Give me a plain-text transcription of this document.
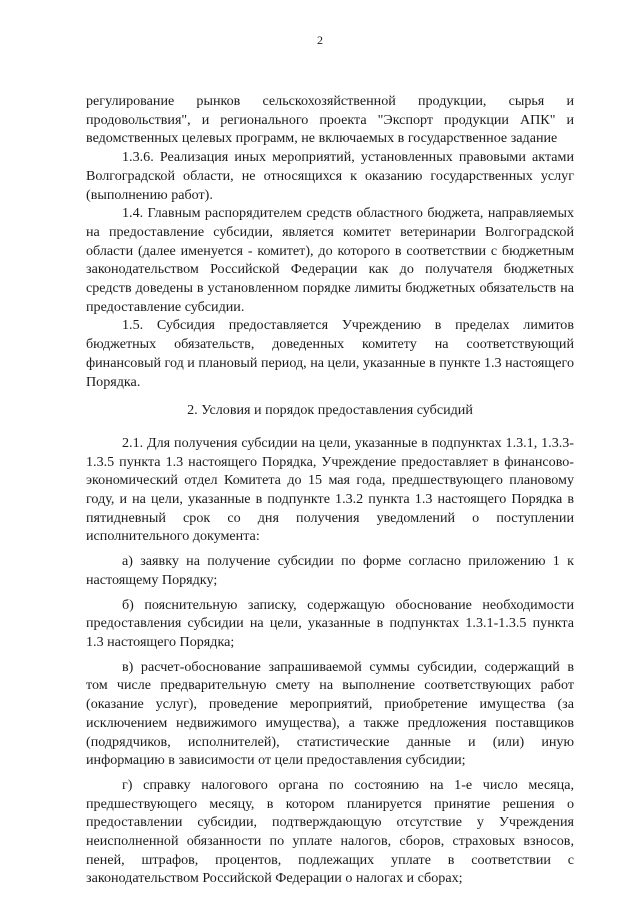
2

регулирование рынков сельскохозяйственной продукции, сырья и продовольствия", и регионального проекта "Экспорт продукции АПК" и ведомственных целевых программ, не включаемых в государственное задание

1.3.6. Реализация иных мероприятий, установленных правовыми актами Волгоградской области, не относящихся к оказанию государственных услуг (выполнению работ).

1.4. Главным распорядителем средств областного бюджета, направляемых на предоставление субсидии, является комитет ветеринарии Волгоградской области (далее именуется - комитет), до которого в соответствии с бюджетным законодательством Российской Федерации как до получателя бюджетных средств доведены в установленном порядке лимиты бюджетных обязательств на предоставление субсидии.

1.5. Субсидия предоставляется Учреждению в пределах лимитов бюджетных обязательств, доведенных комитету на соответствующий финансовый год и плановый период, на цели, указанные в пункте 1.3 настоящего Порядка.

2. Условия и порядок предоставления субсидий

2.1. Для получения субсидии на цели, указанные в подпунктах 1.3.1, 1.3.3-1.3.5 пункта 1.3 настоящего Порядка, Учреждение предоставляет в финансово-экономический отдел Комитета до 15 мая года, предшествующего плановому году, и на цели, указанные в подпункте 1.3.2 пункта 1.3 настоящего Порядка в пятидневный срок со дня получения уведомлений о поступлении исполнительного документа:

а) заявку на получение субсидии по форме согласно приложению 1 к настоящему Порядку;

б) пояснительную записку, содержащую обоснование необходимости предоставления субсидии на цели, указанные в подпунктах 1.3.1-1.3.5 пункта 1.3 настоящего Порядка;

в) расчет-обоснование запрашиваемой суммы субсидии, содержащий в том числе предварительную смету на выполнение соответствующих работ (оказание услуг), проведение мероприятий, приобретение имущества (за исключением недвижимого имущества), а также предложения поставщиков (подрядчиков, исполнителей), статистические данные и (или) иную информацию в зависимости от цели предоставления субсидии;

г) справку налогового органа по состоянию на 1-е число месяца, предшествующего месяцу, в котором планируется принятие решения о предоставлении субсидии, подтверждающую отсутствие у Учреждения неисполненной обязанности по уплате налогов, сборов, страховых взносов, пеней, штрафов, процентов, подлежащих уплате в соответствии с законодательством Российской Федерации о налогах и сборах;
